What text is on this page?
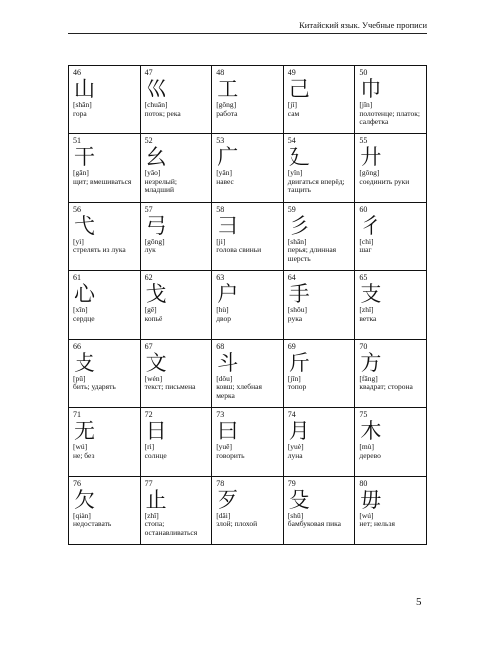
Китайский язык. Учебные прописи
46
山
[shān]
гора
47
巛
[chuān]
поток; река
48
工
[gōng]
работа
49
己
[jǐ]
сам
50
巾
[jīn]
полотенце; платок; салфетка
51
干
[gān]
щит; вмешиваться
52
幺
[yāo]
незрелый; младший
53
广
[yǎn]
навес
54
廴
[yǐn]
двигаться вперёд; тащить
55
廾
[gǒng]
соединить руки
56
弋
[yì]
стрелять из лука
57
弓
[gōng]
лук
58
彐
[jì]
голова свиньи
59
彡
[shān]
перья; длинная шерсть
60
彳
[chì]
шаг
61
心
[xīn]
сердце
62
戈
[gē]
копьё
63
户
[hù]
двор
64
手
[shǒu]
рука
65
支
[zhī]
ветка
66
攴
[pū]
бить; ударять
67
文
[wén]
текст; письмена
68
斗
[dǒu]
ковш; хлебная мерка
69
斤
[jīn]
топор
70
方
[fāng]
квадрат; сторона
71
无
[wú]
не; без
72
日
[rì]
солнце
73
曰
[yuē]
говорить
74
月
[yuè]
луна
75
木
[mù]
дерево
76
欠
[qiàn]
недоставать
77
止
[zhǐ]
стопа; останавливаться
78
歹
[dǎi]
злой; плохой
79
殳
[shū]
бамбуковая пика
80
毋
[wú]
нет; нельзя
5
